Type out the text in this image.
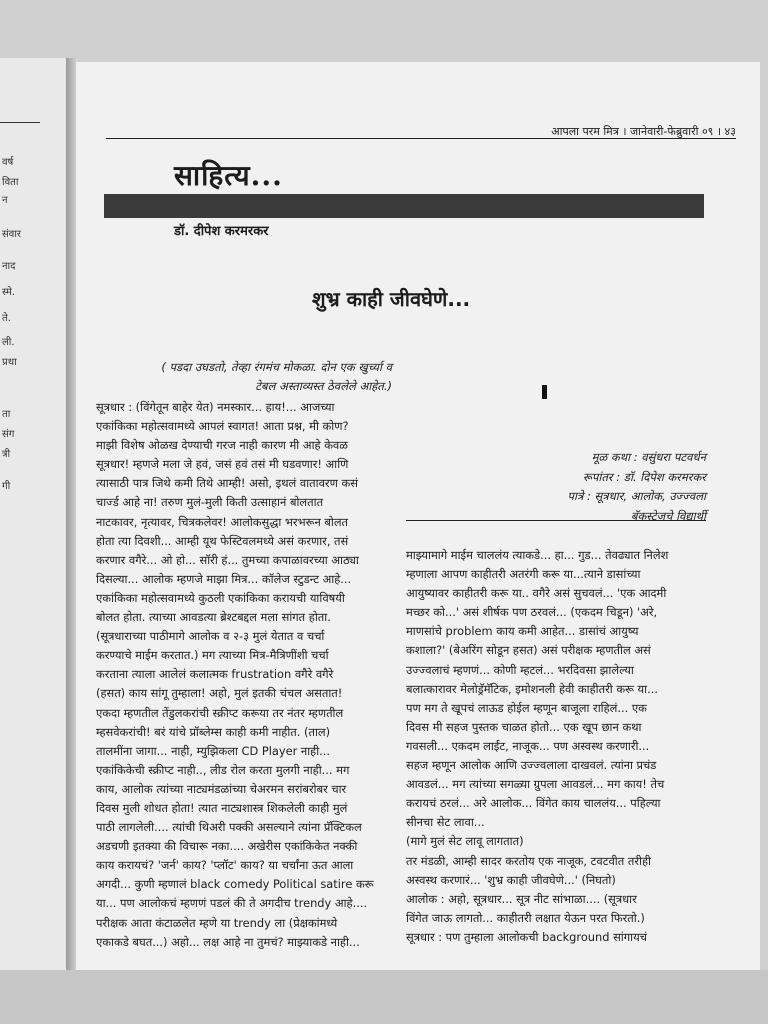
वर्ष
विता
न
संवार
नाद
स्मे.
ते.
ली.
प्रथा
ता
संग
त्री
गी
आपला परम मित्र । जानेवारी-फेब्रुवारी ०९ । ४३
साहित्य...
डॉ. दीपेश करमरकर
शुभ्र काही जीवघेणे...
( पडदा उघडतो, तेव्हा रंगमंच मोकळा. दोन एक खुर्च्या व
टेबल अस्ताव्यस्त ठेवलेले आहेत.)
मूळ कथा : वसुंधरा पटवर्धन
रूपांतर : डॉ. दिपेश करमरकर
पात्रे : सूत्रधार, आलोक, उज्ज्वला
बॅकस्टेजचे विद्यार्थी
सूत्रधार : (विंगेतून बाहेर येत) नमस्कार... हाय!... आजच्या
एकांकिका महोत्सवामध्ये आपलं स्वागत! आता प्रश्न, मी कोण?
माझी विशेष ओळख देण्याची गरज नाही कारण मी आहे केवळ
सूत्रधार! म्हणजे मला जे हवं, जसं हवं तसं मी घडवणार! आणि
त्यासाठी पात्र जिथे कमी तिथे आम्ही! असो, इथलं वातावरण कसं
चार्ज्ड आहे ना! तरुण मुलं-मुली किती उत्साहानं बोलतात
नाटकावर, नृत्यावर, चित्रकलेवर! आलोकसुद्धा भरभरून बोलत
होता त्या दिवशी... आम्ही यूथ फेस्टिवलमध्ये असं करणार, तसं
करणार वगैरे... ओ हो... सॉरी हं... तुमच्या कपाळावरच्या आठ्या
दिसल्या... आलोक म्हणजे माझा मित्र... कॉलेज स्टुडन्ट आहे...
एकांकिका महोत्सवामध्ये कुठली एकांकिका करायची याविषयी
बोलत होता. त्याच्या आवडत्या ब्रेश्टबद्दल मला सांगत होता.
(सूत्रधाराच्या पाठीमागे आलोक व २-३ मुलं येतात व चर्चा
करण्याचे माईम करतात.) मग त्याच्या मित्र-मैत्रिणींशी चर्चा
करताना त्याला आलेलं कलात्मक frustration वगैरे वगैरे
(हसत) काय सांगू तुम्हाला! अहो, मुलं इतकी चंचल असतात!
एकदा म्हणतील तेंडुलकरांची स्क्रीप्ट करूया तर नंतर म्हणतील
म्हसवेकरांची! बरं यांचे प्रॉब्लेम्स काही कमी नाहीत. (ताल)
तालमींना जागा... नाही, म्युझिकला CD Player नाही...
एकांकिकेची स्क्रीप्ट नाही.., लीड रोल करता मुलगी नाही... मग
काय, आलोक त्यांच्या नाट्यमंडळांच्या चेअरमन सरांबरोबर चार
दिवस मुली शोधत होता! त्यात नाट्यशास्त्र शिकलेली काही मुलं
पाठी लागलेली.... त्यांची थिअरी पक्की असल्याने त्यांना प्रॅक्टिकल
अडचणी इतक्या की विचारू नका.... अखेरीस एकांकिकेत नक्की
काय करायचं? 'जर्न' काय? 'प्लॉट' काय? या चर्चांना ऊत आला
अगदी... कुणी म्हणालं black comedy Political satire करू
या... पण आलोकचं म्हणणं पडलं की ते अगदीच trendy आहे....
परीक्षक आता कंटाळलेत म्हणे या trendy ला (प्रेक्षकांमध्ये
एकाकडे बघत...) अहो... लक्ष आहे ना तुमचं? माझ्याकडे नाही...
माझ्यामागे माईम चाललंय त्याकडे... हा... गुड... तेवढ्यात निलेश
म्हणाला आपण काहीतरी अतरंगी करू या...त्याने डासांच्या
आयुष्यावर काहीतरी करू या.. वगैरे असं सुचवलं... 'एक आदमी
मच्छर को...' असं शीर्षक पण ठरवलं... (एकदम चिडून) 'अरे,
माणसांचे problem काय कमी आहेत... डासांचं आयुष्य
कशाला?' (बेअरिंग सोडून हसत) असं परीक्षक म्हणतील असं
उज्ज्वलाचं म्हणणं... कोणी म्हटलं... भरदिवसा झालेल्या
बलात्कारावर मेलोड्रॅमॅटिक, इमोशनली हेवी काहीतरी करू या...
पण मग ते खूपचं लाऊड होईल म्हणून बाजूला राहिलं... एक
दिवस मी सहज पुस्तक चाळत होतो... एक खूप छान कथा
गवसली... एकदम लाईट, नाजूक... पण अस्वस्थ करणारी...
सहज म्हणून आलोक आणि उज्ज्वलाला दाखवलं. त्यांना प्रचंड
आवडलं... मग त्यांच्या सगळ्या ग्रुपला आवडलं... मग काय! तेच
करायचं ठरलं... अरे आलोक... विंगेत काय चाललंय... पहिल्या
सीनचा सेट लावा...
(मागे मुलं सेट लावू लागतात)
तर मंडळी, आम्ही सादर करतोय एक नाजूक, टवटवीत तरीही
अस्वस्थ करणारं... 'शुभ्र काही जीवघेणे...' (निघतो)
आलोक : अहो, सूत्रधार... सूत्र नीट सांभाळा.... (सूत्रधार
विंगेत जाऊ लागतो... काहीतरी लक्षात येऊन परत फिरतो.)
सूत्रधार : पण तुम्हाला आलोकची background सांगायचं
